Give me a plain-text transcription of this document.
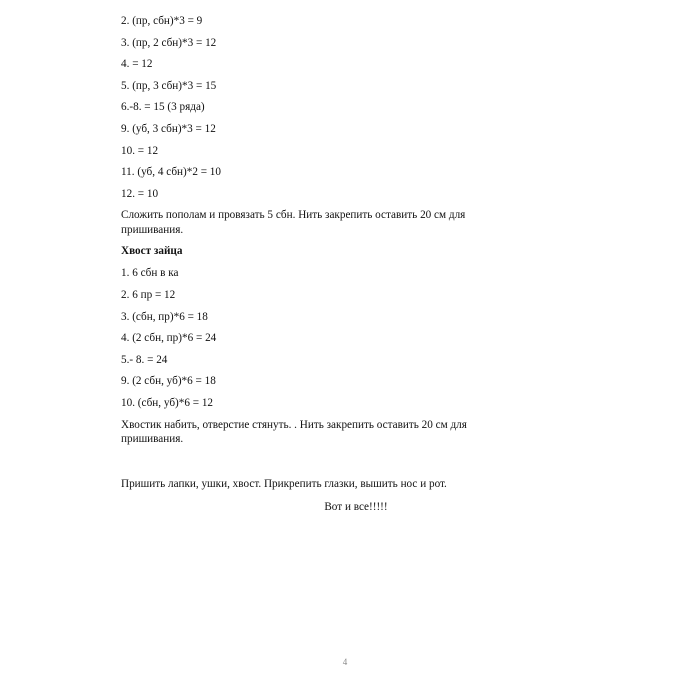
2. (пр, сбн)*3 = 9
3. (пр, 2 сбн)*3 = 12
4. = 12
5. (пр, 3 сбн)*3 = 15
6.-8. = 15 (3 ряда)
9. (уб, 3 сбн)*3 = 12
10. = 12
11. (уб, 4 сбн)*2 = 10
12. = 10
Сложить пополам и провязать 5 сбн. Нить закрепить оставить 20 см для пришивания.
Хвост зайца
1. 6 сбн в ка
2. 6 пр = 12
3. (сбн, пр)*6 = 18
4. (2 сбн, пр)*6 = 24
5.- 8. = 24
9. (2 сбн, уб)*6 = 18
10. (сбн, уб)*6 = 12
Хвостик набить, отверстие стянуть. . Нить закрепить оставить 20 см для пришивания.
Пришить лапки, ушки, хвост. Прикрепить глазки, вышить нос и рот.
Вот и все!!!!!
4
